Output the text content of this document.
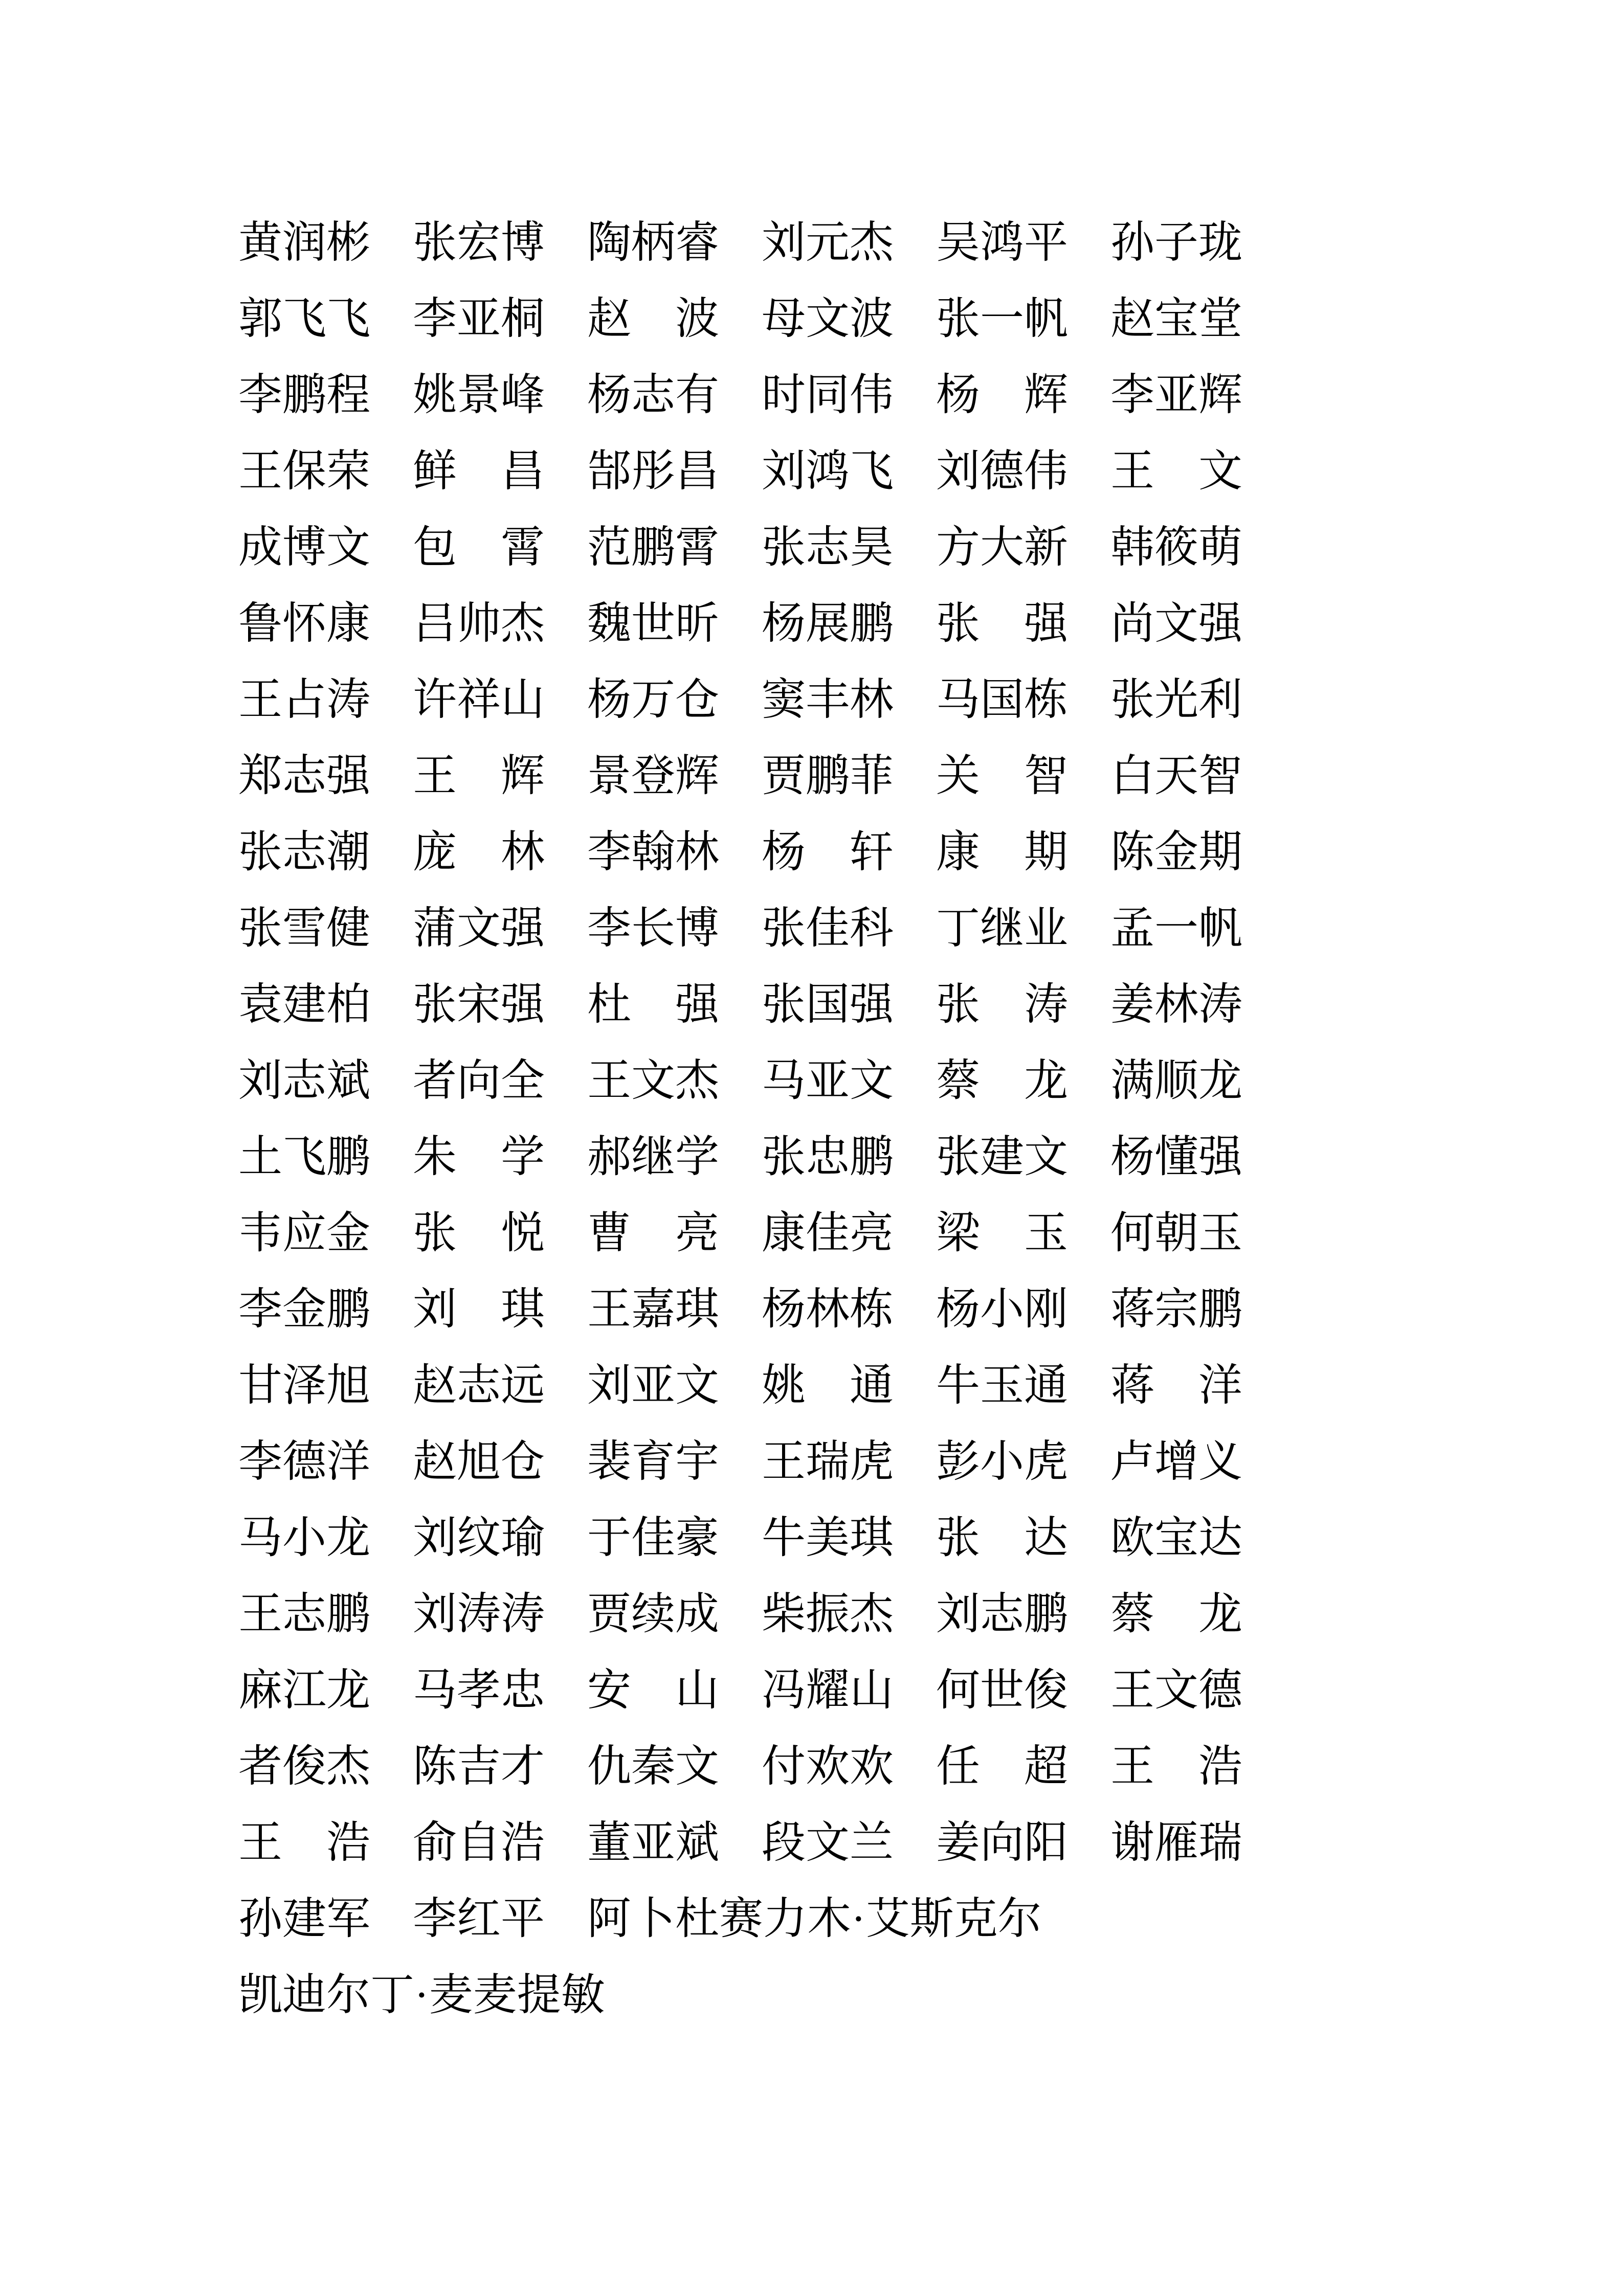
黄润彬 张宏博 陶柄睿 刘元杰 吴鸿平 孙子珑
郭飞飞 李亚桐 赵　波 母文波 张一帆 赵宝堂
李鹏程 姚景峰 杨志有 时同伟 杨　辉 李亚辉
王保荣 鲜　昌 郜彤昌 刘鸿飞 刘德伟 王　文
成博文 包　霄 范鹏霄 张志昊 方大新 韩筱萌
鲁怀康 吕帅杰 魏世昕 杨展鹏 张　强 尚文强
王占涛 许祥山 杨万仓 窦丰林 马国栋 张光利
郑志强 王　辉 景登辉 贾鹏菲 关　智 白天智
张志潮 庞　林 李翰林 杨　轩 康　期 陈金期
张雪健 蒲文强 李长博 张佳科 丁继业 孟一帆
袁建柏 张宋强 杜　强 张国强 张　涛 姜林涛
刘志斌 者向全 王文杰 马亚文 蔡　龙 满顺龙
土飞鹏 朱　学 郝继学 张忠鹏 张建文 杨懂强
韦应金 张　悦 曹　亮 康佳亮 梁　玉 何朝玉
李金鹏 刘　琪 王嘉琪 杨林栋 杨小刚 蒋宗鹏
甘泽旭 赵志远 刘亚文 姚　通 牛玉通 蒋　洋
李德洋 赵旭仓 裴育宇 王瑞虎 彭小虎 卢增义
马小龙 刘纹瑜 于佳豪 牛美琪 张　达 欧宝达
王志鹏 刘涛涛 贾续成 柴振杰 刘志鹏 蔡　龙
麻江龙 马孝忠 安　山 冯耀山 何世俊 王文德
者俊杰 陈吉才 仇秦文 付欢欢 任　超 王　浩
王　浩 俞自浩 董亚斌 段文兰 姜向阳 谢雁瑞
孙建军 李红平 阿卜杜赛力木·艾斯克尔
凯迪尔丁·麦麦提敏
